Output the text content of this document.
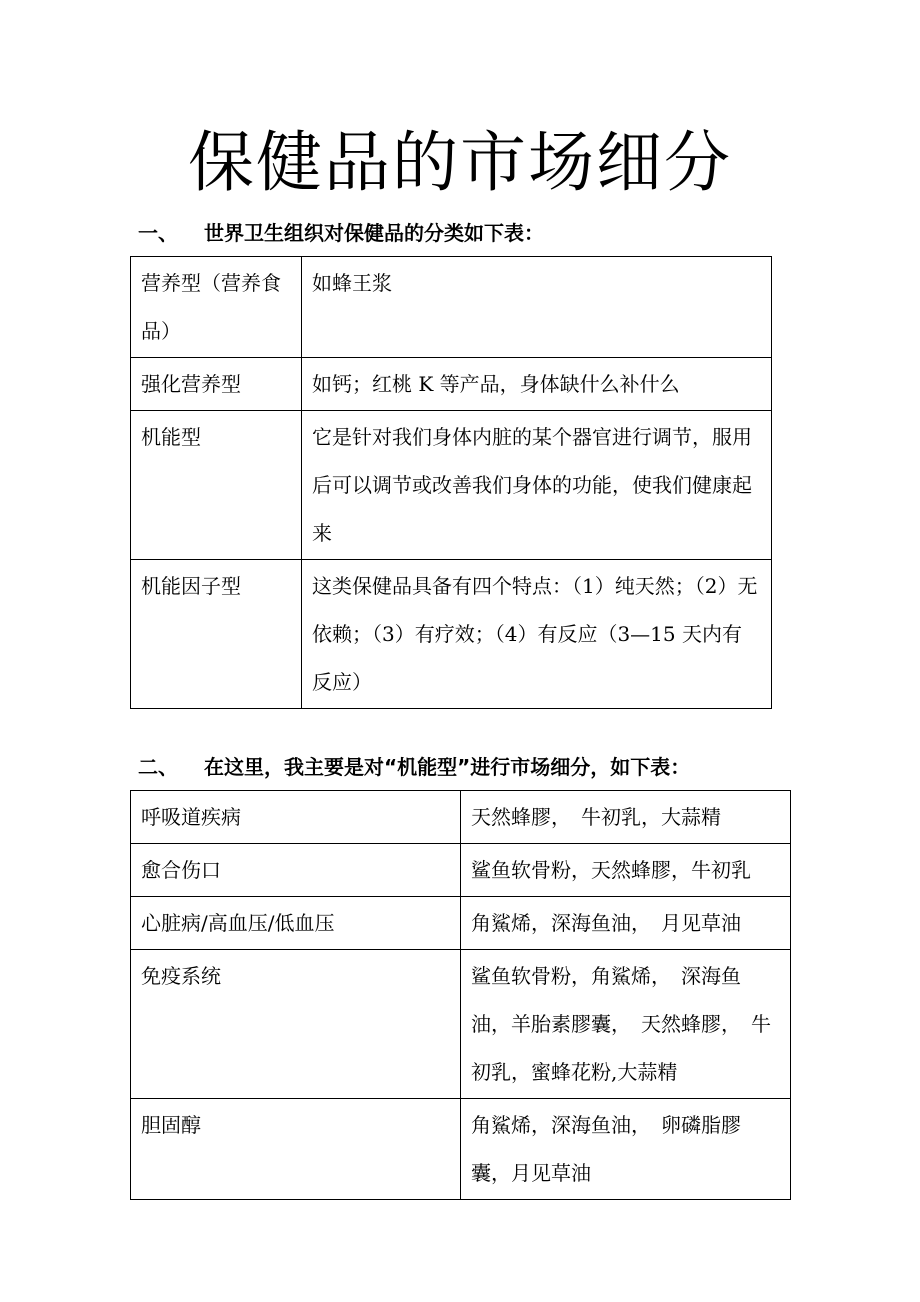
保健品的市场细分
一、 世界卫生组织对保健品的分类如下表：
营养型（营养食品）	如蜂王浆
强化营养型	如钙；红桃 K 等产品，身体缺什么补什么
机能型	它是针对我们身体内脏的某个器官进行调节，服用后可以调节或改善我们身体的功能，使我们健康起来
机能因子型	这类保健品具备有四个特点：（1）纯天然；（2）无依赖；（3）有疗效；（4）有反应（3—15 天内有反应）
二、 在这里，我主要是对“机能型”进行市场细分，如下表：
呼吸道疾病	天然蜂膠，　牛初乳，大蒜精
愈合伤口	鲨鱼软骨粉，天然蜂膠，牛初乳
心脏病/高血压/低血压	角鯊烯，深海鱼油，　月见草油
免疫系统	鲨鱼软骨粉，角鯊烯，　深海鱼油，羊胎素膠囊，　天然蜂膠，　牛初乳，蜜蜂花粉,大蒜精
胆固醇	角鯊烯，深海鱼油，　卵磷脂膠囊，月见草油
